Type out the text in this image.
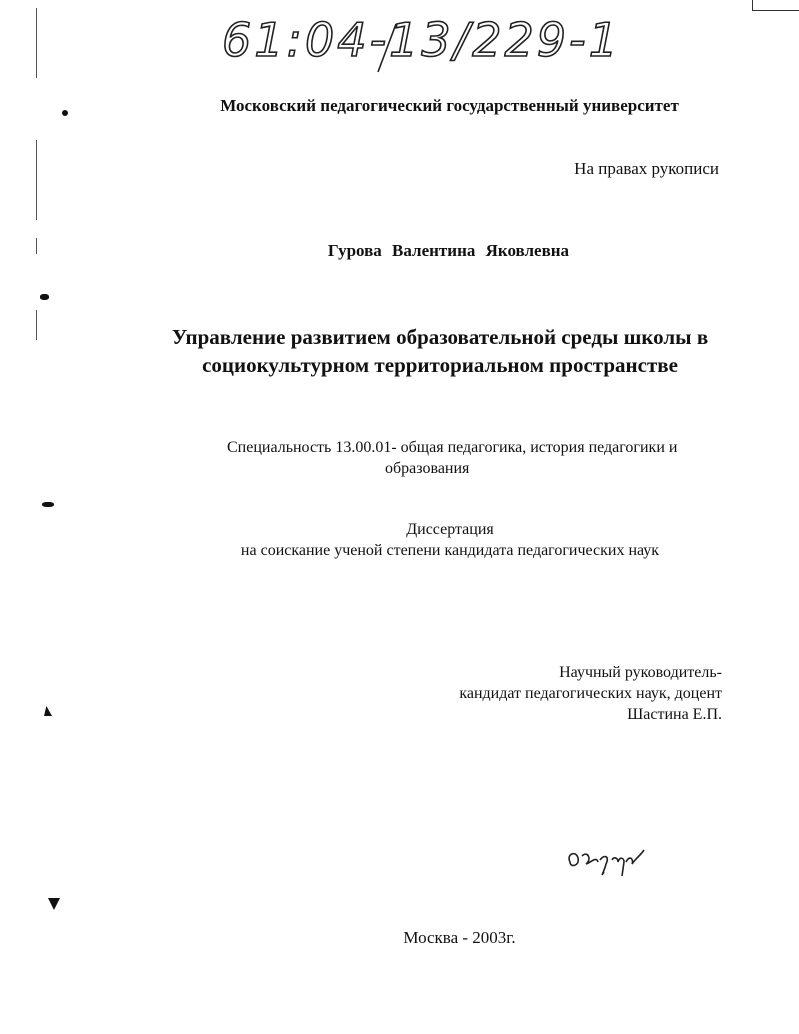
61:04-13/229-1
Московский педагогический государственный университет
На правах рукописи
Гурова Валентина Яковлевна
Управление развитием образовательной среды школы в
социокультурном территориальном пространстве
Специальность 13.00.01- общая педагогика, история педагогики и
образования
Диссертация
на соискание ученой степени кандидата педагогических наук
Научный руководитель-
кандидат педагогических наук, доцент
Шастина Е.П.
Москва - 2003г.
